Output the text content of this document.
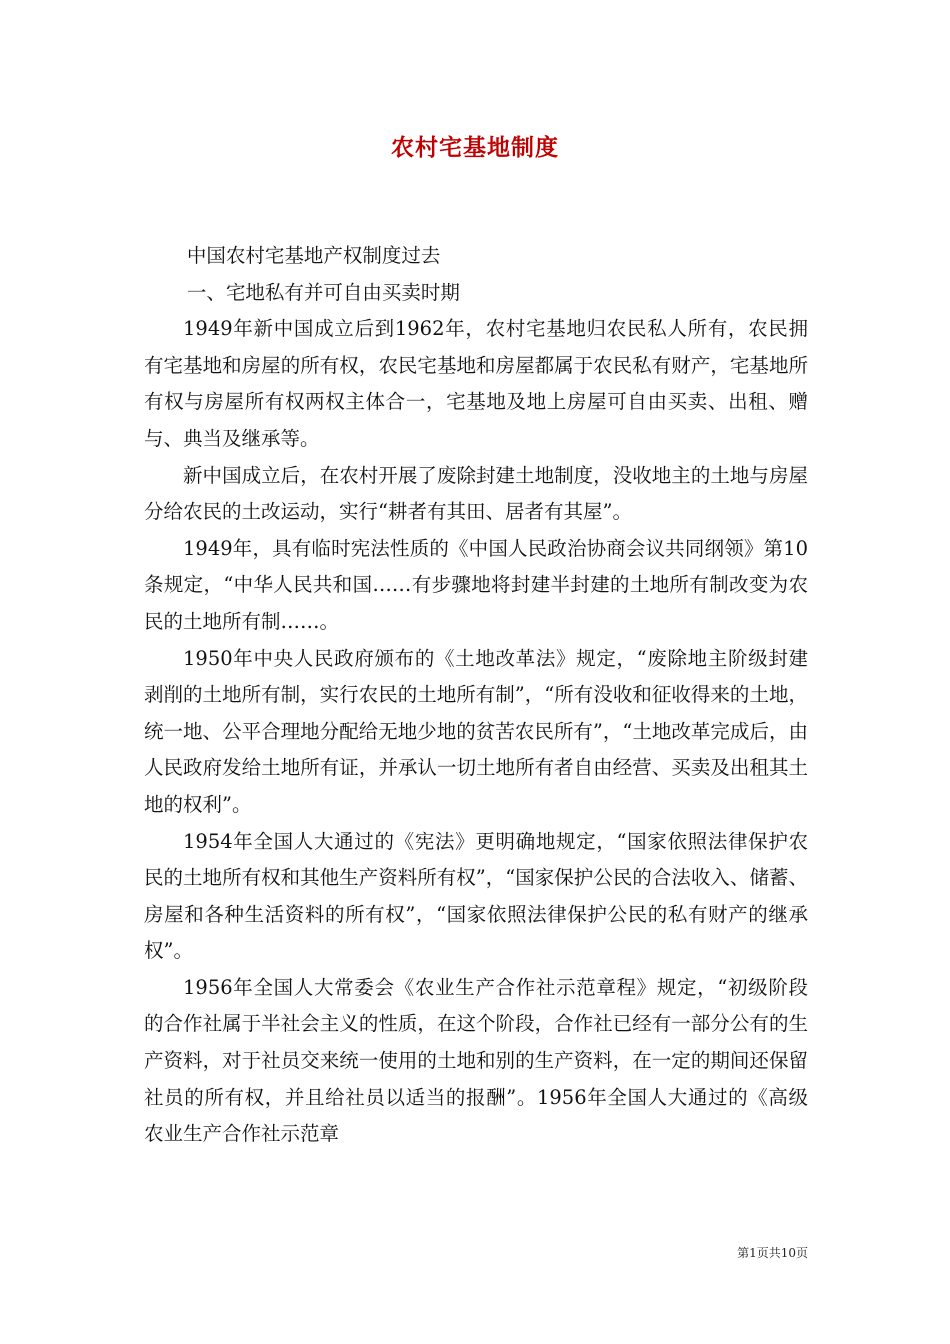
农村宅基地制度

中国农村宅基地产权制度过去

一、宅地私有并可自由买卖时期

1949年新中国成立后到1962年，农村宅基地归农民私人所有，农民拥有宅基地和房屋的所有权，农民宅基地和房屋都属于农民私有财产，宅基地所有权与房屋所有权两权主体合一，宅基地及地上房屋可自由买卖、出租、赠与、典当及继承等。

新中国成立后，在农村开展了废除封建土地制度，没收地主的土地与房屋分给农民的土改运动，实行“耕者有其田、居者有其屋”。

1949年，具有临时宪法性质的《中国人民政治协商会议共同纲领》第10条规定，“中华人民共和国……有步骤地将封建半封建的土地所有制改变为农民的土地所有制……。

1950年中央人民政府颁布的《土地改革法》规定，“废除地主阶级封建剥削的土地所有制，实行农民的土地所有制”，“所有没收和征收得来的土地，统一地、公平合理地分配给无地少地的贫苦农民所有”，“土地改革完成后，由人民政府发给土地所有证，并承认一切土地所有者自由经营、买卖及出租其土地的权利”。

1954年全国人大通过的《宪法》更明确地规定，“国家依照法律保护农民的土地所有权和其他生产资料所有权”，“国家保护公民的合法收入、储蓄、房屋和各种生活资料的所有权”，“国家依照法律保护公民的私有财产的继承权”。

1956年全国人大常委会《农业生产合作社示范章程》规定，“初级阶段的合作社属于半社会主义的性质，在这个阶段，合作社已经有一部分公有的生产资料，对于社员交来统一使用的土地和别的生产资料，在一定的期间还保留社员的所有权，并且给社员以适当的报酬”。1956年全国人大通过的《高级农业生产合作社示范章

第1页共10页
